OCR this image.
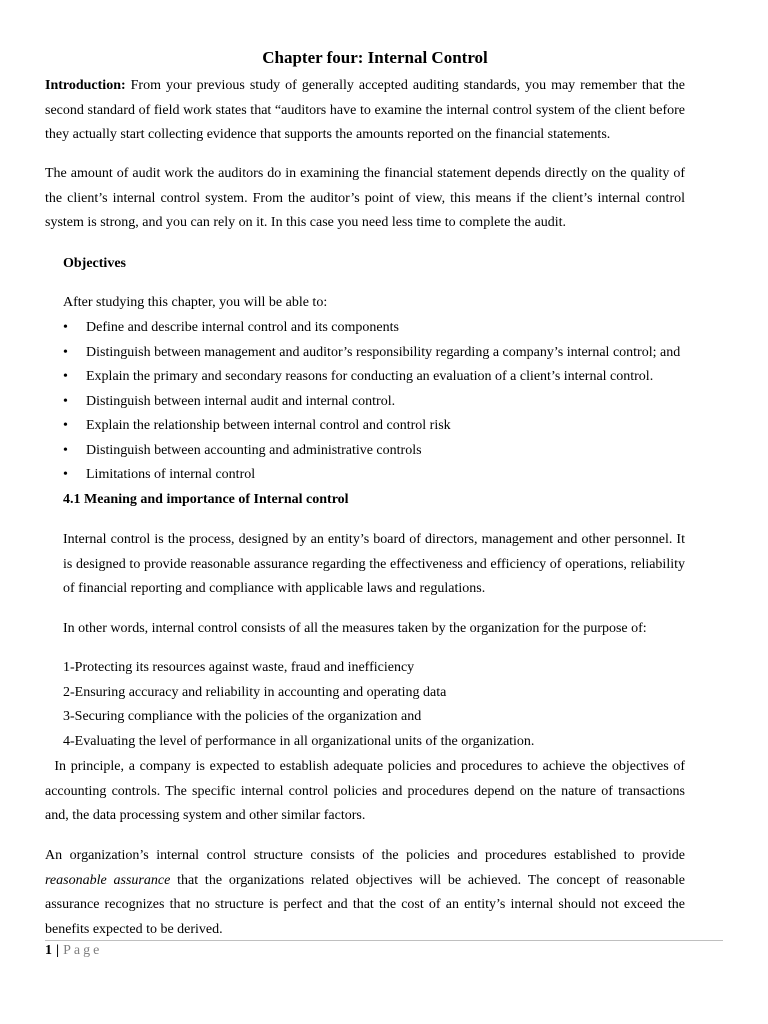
Chapter four: Internal Control

Introduction: From your previous study of generally accepted auditing standards, you may remember that the second standard of field work states that “auditors have to examine the internal control system of the client before they actually start collecting evidence that supports the amounts reported on the financial statements.

The amount of audit work the auditors do in examining the financial statement depends directly on the quality of the client’s internal control system. From the auditor’s point of view, this means if the client’s internal control system is strong, and you can rely on it. In this case you need less time to complete the audit.

Objectives

After studying this chapter, you will be able to:

• Define and describe internal control and its components
• Distinguish between management and auditor’s responsibility regarding a company’s internal control; and
• Explain the primary and secondary reasons for conducting an evaluation of a client’s internal control.
• Distinguish between internal audit and internal control.
• Explain the relationship between internal control and control risk
• Distinguish between accounting and administrative controls
• Limitations of internal control

4.1 Meaning and importance of Internal control

Internal control is the process, designed by an entity’s board of directors, management and other personnel. It is designed to provide reasonable assurance regarding the effectiveness and efficiency of operations, reliability of financial reporting and compliance with applicable laws and regulations.

In other words, internal control consists of all the measures taken by the organization for the purpose of:

1-Protecting its resources against waste, fraud and inefficiency
2-Ensuring accuracy and reliability in accounting and operating data
3-Securing compliance with the policies of the organization and
4-Evaluating the level of performance in all organizational units of the organization.

In principle, a company is expected to establish adequate policies and procedures to achieve the objectives of accounting controls. The specific internal control policies and procedures depend on the nature of transactions and, the data processing system and other similar factors.

An organization’s internal control structure consists of the policies and procedures established to provide reasonable assurance that the organizations related objectives will be achieved. The concept of reasonable assurance recognizes that no structure is perfect and that the cost of an entity’s internal should not exceed the benefits expected to be derived.

1 | Page
